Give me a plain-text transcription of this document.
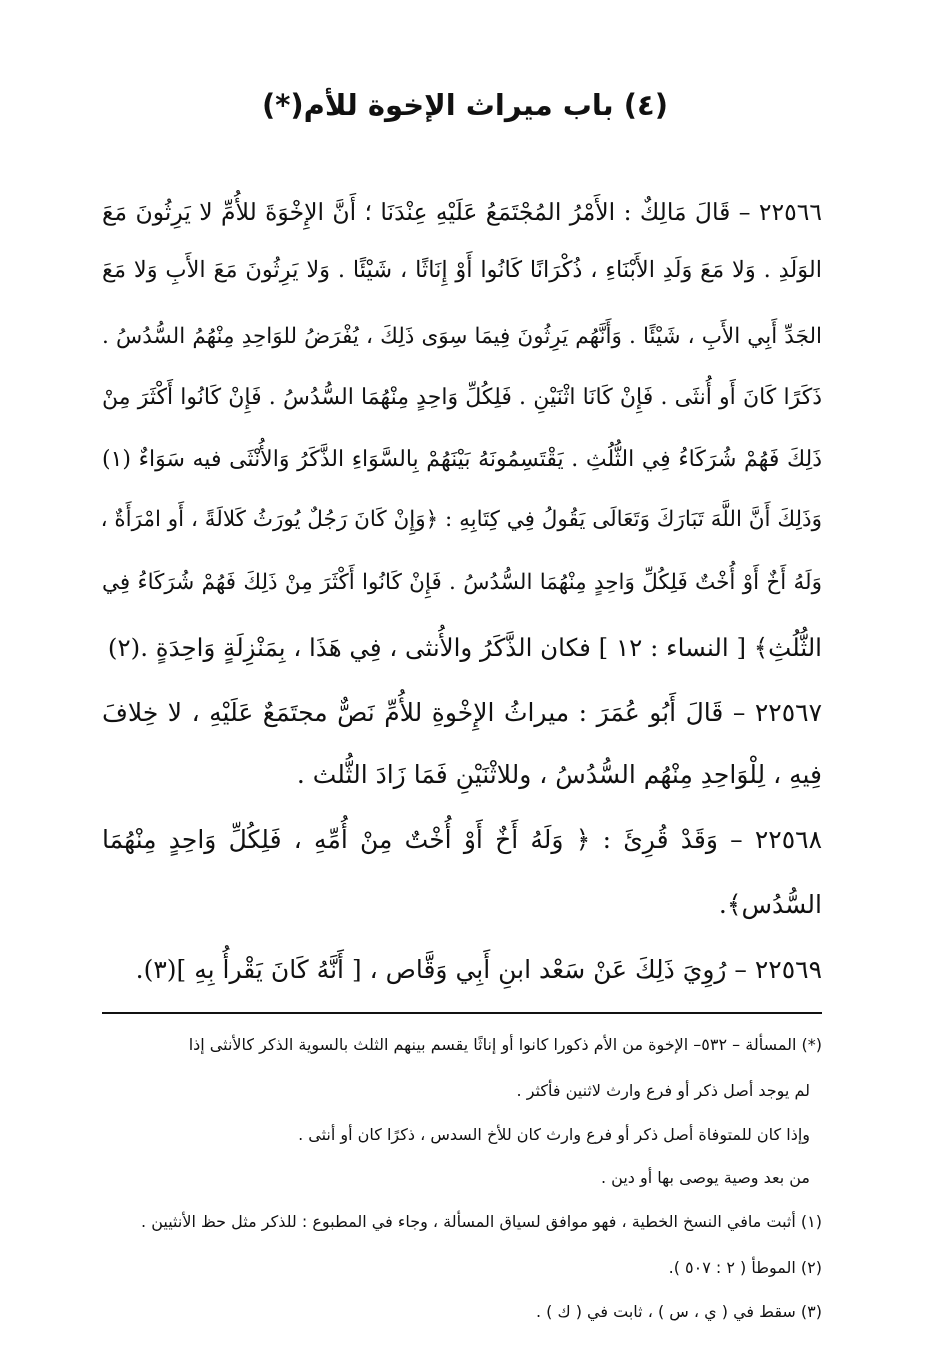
(٤) باب ميراث الإخوة للأم(*)
٢٢٥٦٦ – قَالَ مَالِكٌ : الأَمْرُ المُجْتَمَعُ عَلَيْهِ عِنْدَنَا ؛ أَنَّ الإِخْوَةَ للأُمِّ لا يَرِثُونَ مَعَ
الوَلَدِ . وَلا مَعَ وَلَدِ الأَبْنَاءِ ، ذُكْرَانًا كَانُوا أَوْ إِنَاثًا ، شَيْئًا . وَلا يَرِثُونَ مَعَ الأَبِ وَلا مَعَ
الجَدِّ أَبِي الأَبِ ، شَيْئًا . وَأَنَّهُم يَرِثُونَ فِيمَا سِوَى ذَلِكَ ، يُفْرَضُ للوَاحِدِ مِنْهُمُ السُّدُسُ .
ذَكَرًا كَانَ أَو أُنثَى . فَإِنْ كَانَا اثْنَيْنِ . فَلِكُلِّ وَاحِدٍ مِنْهُمَا السُّدُسُ . فَإِنْ كَانُوا أَكْثَرَ مِنْ
ذَلِكَ فَهُمْ شُرَكَاءُ فِي الثُّلُثِ . يَقْتَسِمُونَهُ بَيْنَهُمْ بِالسَّوَاءِ الذَّكَرُ وَالأُنْثَى فيه سَوَاءٌ (١)
وَذَلِكَ أَنَّ اللَّهَ تَبَارَكَ وَتَعَالَى يَقُولُ فِي كِتَابِهِ : ﴿وَإِنْ كَانَ رَجُلٌ يُورَثُ كَلالَةً ، أَو امْرَأَةٌ ،
وَلَهُ أَخٌ أَوْ أُخْتٌ فَلِكُلِّ وَاحِدٍ مِنْهُمَا السُّدُسُ . فَإِنْ كَانُوا أَكْثَرَ مِنْ ذَلِكَ فَهُمْ شُرَكَاءُ فِي
الثُّلُثِ﴾ [ النساء : ١٢ ] فكان الذَّكَرُ والأُنثى ، فِي هَذَا ، بِمَنْزِلَةٍ وَاحِدَةٍ .(٢)
٢٢٥٦٧ – قَالَ أَبُو عُمَرَ : ميراثُ الإِخْوةِ للأُمِّ نَصٌّ مجتَمَعٌ عَلَيْهِ ، لا خِلافَ
فِيهِ ، لِلْوَاحِدِ مِنْهُم السُّدُسُ ، وللاثْنَيْنِ فَمَا زَادَ الثُّلث .
٢٢٥٦٨ – وَقَدْ قُرِئَ : ﴿ وَلَهُ أَخٌ أَوْ أُخْتٌ مِنْ أُمِّهِ ، فَلِكُلِّ وَاحِدٍ مِنْهُمَا
السُّدُس﴾.
٢٢٥٦٩ – رُوِيَ ذَلِكَ عَنْ سَعْد ابنِ أَبِي وَقَّاص ، [ أَنَّهُ كَانَ يَقْرأُ بِهِ ](٣).
(*) المسألة – ٥٣٢– الإخوة من الأم ذكورا كانوا أو إناثًا يقسم بينهم الثلث بالسوية الذكر كالأنثى إذا
لم يوجد أصل ذكر أو فرع وارث لاثنين فأكثر .
وإذا كان للمتوفاة أصل ذكر أو فرع وارث كان للأخ السدس ، ذكرًا كان أو أنثى .
من بعد وصية يوصى بها أو دين .
(١) أثبت مافي النسخ الخطية ، فهو موافق لسياق المسألة ، وجاء في المطبوع : للذكر مثل حظ الأنثيين .
(٢) الموطأ ( ٢ : ٥٠٧ ).
(٣) سقط في ( ي ، س ) ، ثابت في ( ك ) .
